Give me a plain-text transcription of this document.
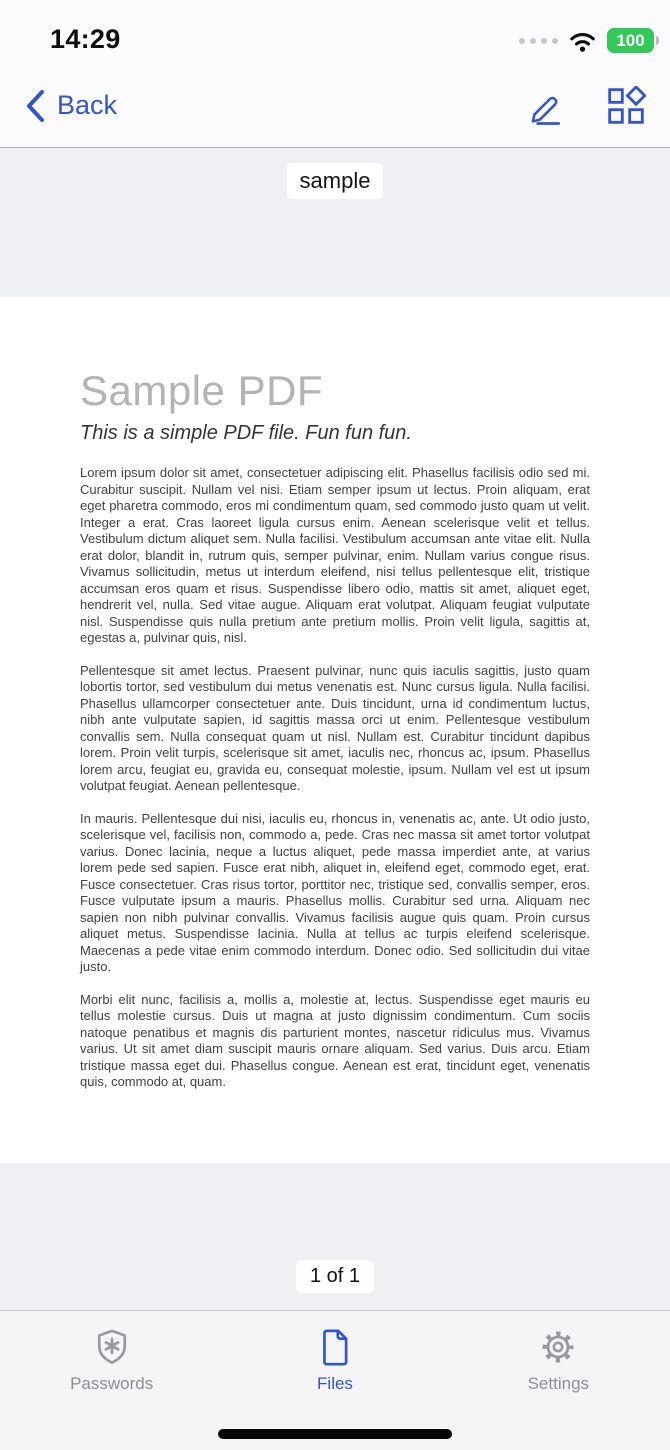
14:29	100
Back
sample
Sample PDF
This is a simple PDF file. Fun fun fun.

Lorem ipsum dolor sit amet, consectetuer adipiscing elit. Phasellus facilisis odio sed mi. Curabitur suscipit. Nullam vel nisi. Etiam semper ipsum ut lectus. Proin aliquam, erat eget pharetra commodo, eros mi condimentum quam, sed commodo justo quam ut velit. Integer a erat. Cras laoreet ligula cursus enim. Aenean scelerisque velit et tellus. Vestibulum dictum aliquet sem. Nulla facilisi. Vestibulum accumsan ante vitae elit. Nulla erat dolor, blandit in, rutrum quis, semper pulvinar, enim. Nullam varius congue risus. Vivamus sollicitudin, metus ut interdum eleifend, nisi tellus pellentesque elit, tristique accumsan eros quam et risus. Suspendisse libero odio, mattis sit amet, aliquet eget, hendrerit vel, nulla. Sed vitae augue. Aliquam erat volutpat. Aliquam feugiat vulputate nisl. Suspendisse quis nulla pretium ante pretium mollis. Proin velit ligula, sagittis at, egestas a, pulvinar quis, nisl.

Pellentesque sit amet lectus. Praesent pulvinar, nunc quis iaculis sagittis, justo quam lobortis tortor, sed vestibulum dui metus venenatis est. Nunc cursus ligula. Nulla facilisi. Phasellus ullamcorper consectetuer ante. Duis tincidunt, urna id condimentum luctus, nibh ante vulputate sapien, id sagittis massa orci ut enim. Pellentesque vestibulum convallis sem. Nulla consequat quam ut nisl. Nullam est. Curabitur tincidunt dapibus lorem. Proin velit turpis, scelerisque sit amet, iaculis nec, rhoncus ac, ipsum. Phasellus lorem arcu, feugiat eu, gravida eu, consequat molestie, ipsum. Nullam vel est ut ipsum volutpat feugiat. Aenean pellentesque.

In mauris. Pellentesque dui nisi, iaculis eu, rhoncus in, venenatis ac, ante. Ut odio justo, scelerisque vel, facilisis non, commodo a, pede. Cras nec massa sit amet tortor volutpat varius. Donec lacinia, neque a luctus aliquet, pede massa imperdiet ante, at varius lorem pede sed sapien. Fusce erat nibh, aliquet in, eleifend eget, commodo eget, erat. Fusce consectetuer. Cras risus tortor, porttitor nec, tristique sed, convallis semper, eros. Fusce vulputate ipsum a mauris. Phasellus mollis. Curabitur sed urna. Aliquam nec sapien non nibh pulvinar convallis. Vivamus facilisis augue quis quam. Proin cursus aliquet metus. Suspendisse lacinia. Nulla at tellus ac turpis eleifend scelerisque. Maecenas a pede vitae enim commodo interdum. Donec odio. Sed sollicitudin dui vitae justo.

Morbi elit nunc, facilisis a, mollis a, molestie at, lectus. Suspendisse eget mauris eu tellus molestie cursus. Duis ut magna at justo dignissim condimentum. Cum sociis natoque penatibus et magnis dis parturient montes, nascetur ridiculus mus. Vivamus varius. Ut sit amet diam suscipit mauris ornare aliquam. Sed varius. Duis arcu. Etiam tristique massa eget dui. Phasellus congue. Aenean est erat, tincidunt eget, venenatis quis, commodo at, quam.

1 of 1
Passwords	Files	Settings
